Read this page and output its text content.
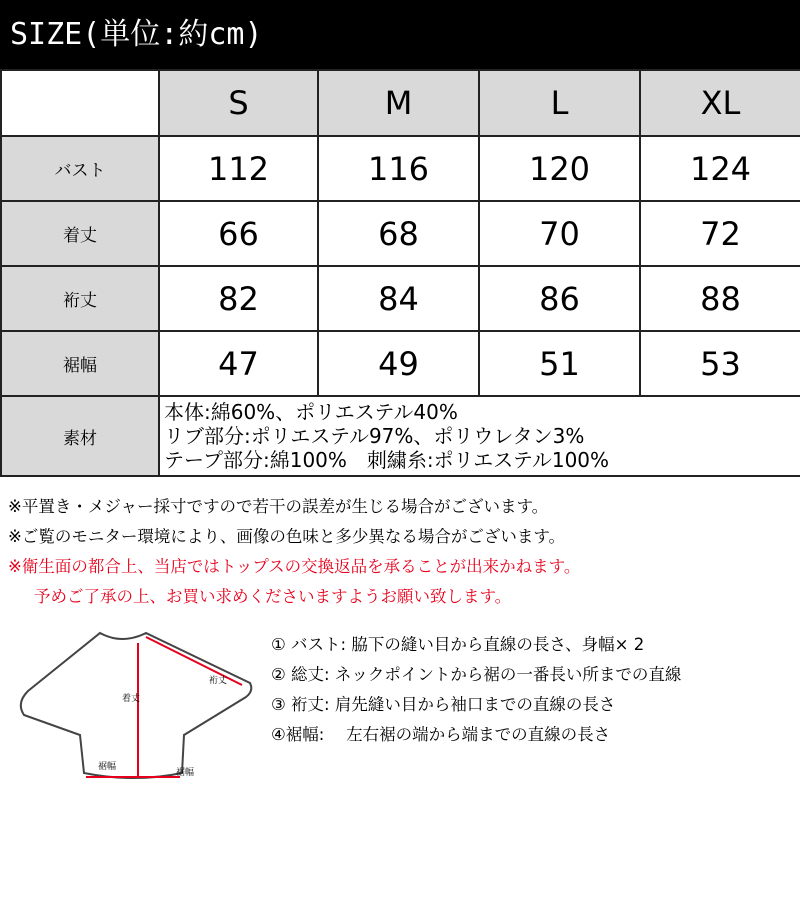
SIZE(単位:約cm)
	S	M	L	XL
バスト	112	116	120	124
着丈	66	68	70	72
裄丈	82	84	86	88
裾幅	47	49	51	53
素材	本体:綿60%、ポリエステル40%
リブ部分:ポリエステル97%、ポリウレタン3%
テープ部分:綿100%　刺繍糸:ポリエステル100%			
※平置き・メジャー採寸ですので若干の誤差が生じる場合がございます。
※ご覧のモニター環境により、画像の色味と多少異なる場合がございます。
※衛生面の都合上、当店ではトップスの交換返品を承ることが出来かねます。
予めご了承の上、お買い求めくださいますようお願い致します。
裄丈
着丈
裾幅
裾幅
① バスト: 脇下の縫い目から直線の長さ、身幅× 2
② 総丈: ネックポイントから裾の一番長い所までの直線
③ 裄丈: 肩先縫い目から袖口までの直線の長さ
④裾幅:　 左右裾の端から端までの直線の長さ
